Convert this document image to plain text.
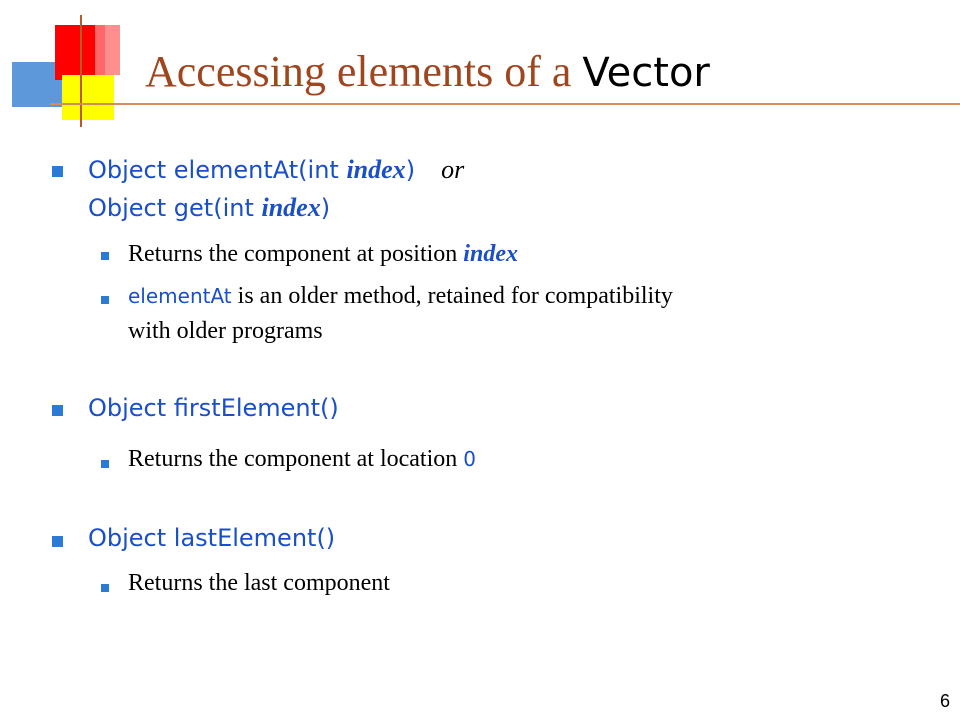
Accessing elements of a Vector
Object elementAt(int index) or
Object get(int index)
Returns the component at position index
elementAt is an older method, retained for compatibility
with older programs
Object firstElement()
Returns the component at location 0
Object lastElement()
Returns the last component
6
